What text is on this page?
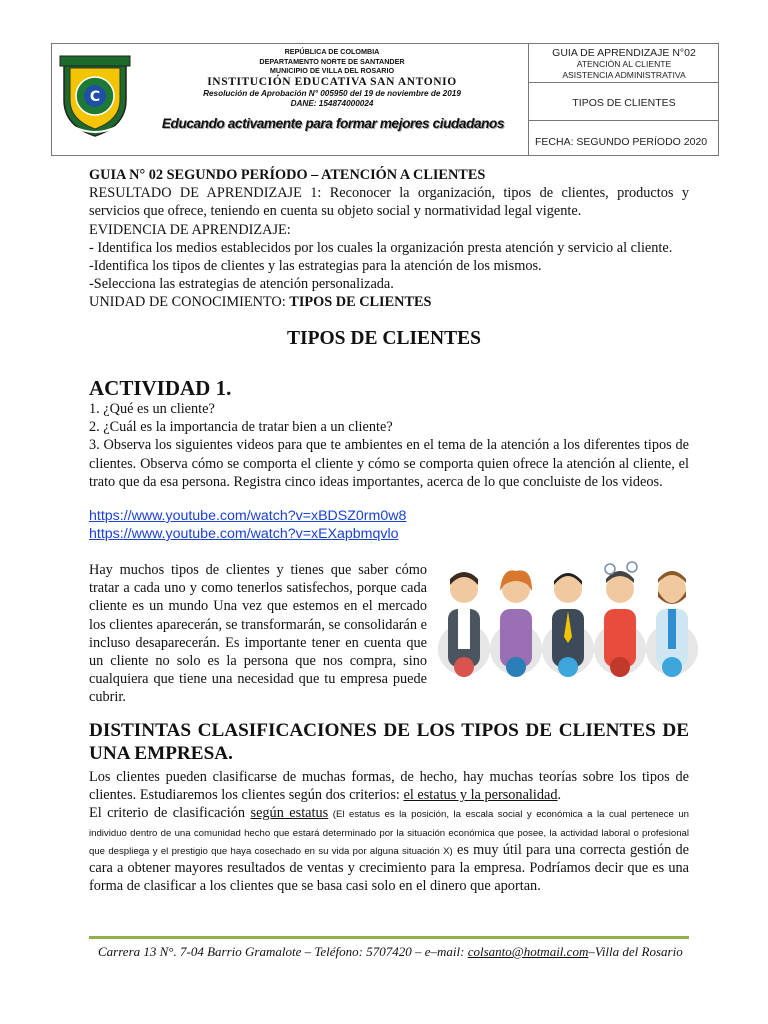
C
REPÚBLICA DE COLOMBIA
DEPARTAMENTO NORTE DE SANTANDER
MUNICIPIO DE VILLA DEL ROSARIO
INSTITUCIÓN EDUCATIVA SAN ANTONIO
Resolución de Aprobación N° 005950 del 19 de noviembre de 2019
DANE: 154874000024
Educando activamente para formar mejores ciudadanos
GUIA DE APRENDIZAJE N°02
ATENCIÓN AL CLIENTE
ASISTENCIA ADMINISTRATIVA
TIPOS DE CLIENTES
FECHA: SEGUNDO PERÍODO 2020

GUIA N° 02 SEGUNDO PERÍODO – ATENCIÓN A CLIENTES

RESULTADO DE APRENDIZAJE 1: Reconocer la organización, tipos de clientes, productos y servicios que ofrece, teniendo en cuenta su objeto social y normatividad legal vigente.

EVIDENCIA DE APRENDIZAJE:

- Identifica los medios establecidos por los cuales la organización presta atención y servicio al cliente.

-Identifica los tipos de clientes y las estrategias para la atención de los mismos.

-Selecciona las estrategias de atención personalizada.

UNIDAD DE CONOCIMIENTO: TIPOS DE CLIENTES

TIPOS DE CLIENTES
ACTIVIDAD 1.

1. ¿Qué es un cliente?

2. ¿Cuál es la importancia de tratar bien a un cliente?

3. Observa los siguientes videos para que te ambientes en el tema de la atención a los diferentes tipos de clientes. Observa cómo se comporta el cliente y cómo se comporta quien ofrece la atención al cliente, el trato que da esa persona. Registra cinco ideas importantes, acerca de lo que concluiste de los videos.

https://www.youtube.com/watch?v=xBDSZ0rm0w8
https://www.youtube.com/watch?v=xEXapbmqvlo

Hay muchos tipos de clientes y tienes que saber cómo tratar a cada uno y como tenerlos satisfechos, porque cada cliente es un mundo Una vez que estemos en el mercado los clientes aparecerán, se transformarán, se consolidarán e incluso desaparecerán. Es importante tener en cuenta que un cliente no solo es la persona que nos compra, sino cualquiera que tiene una necesidad que tu empresa puede cubrir.

DISTINTAS CLASIFICACIONES DE LOS TIPOS DE CLIENTES DE UNA EMPRESA.

Los clientes pueden clasificarse de muchas formas, de hecho, hay muchas teorías sobre los tipos de clientes. Estudiaremos los clientes según dos criterios: el estatus y la personalidad.

El criterio de clasificación según estatus (El estatus es la posición, la escala social y económica a la cual pertenece un individuo dentro de una comunidad hecho que estará determinado por la situación económica que posee, la actividad laboral o profesional que despliega y el prestigio que haya cosechado en su vida por alguna situación X) es muy útil para una correcta gestión de cara a obtener mayores resultados de ventas y crecimiento para la empresa. Podríamos decir que es una forma de clasificar a los clientes que se basa casi solo en el dinero que aportan.

Carrera 13 N°. 7-04 Barrio Gramalote – Teléfono: 5707420 – e–mail: colsanto@hotmail.com–Villa del Rosario
